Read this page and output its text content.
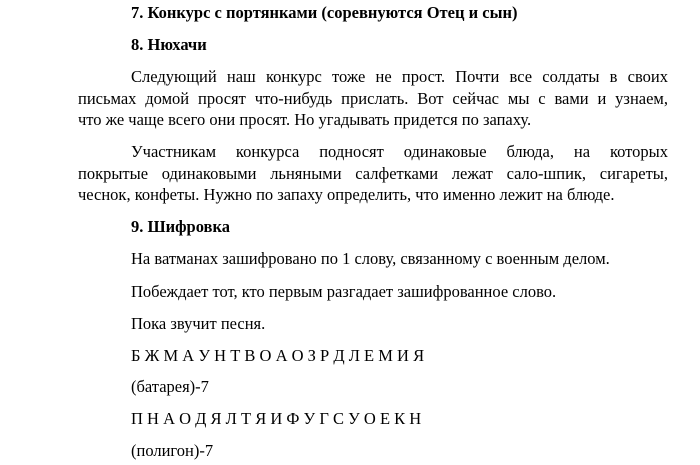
7. Конкурс с портянками (соревнуются Отец и сын)

8. Нюхачи

Следующий наш конкурс тоже не прост. Почти все солдаты в своих

письмах домой просят что-нибудь прислать. Вот сейчас мы с вами и узнаем,

что же чаще всего они просят. Но угадывать придется по запаху.

Участникам конкурса подносят одинаковые блюда, на которых

покрытые одинаковыми льняными салфетками лежат сало-шпик, сигареты,

чеснок, конфеты. Нужно по запаху определить, что именно лежит на блюде.

9. Шифровка

На ватманах зашифровано по 1 слову, связанному с военным делом.

Побеждает тот, кто первым разгадает зашифрованное слово.

Пока звучит песня.

Б Ж М А У Н Т В О А О З Р Д Л Е М И Я

(батарея)-7

П Н А О Д Я Л Т Я И Ф У Г С У О Е К Н

(полигон)-7
